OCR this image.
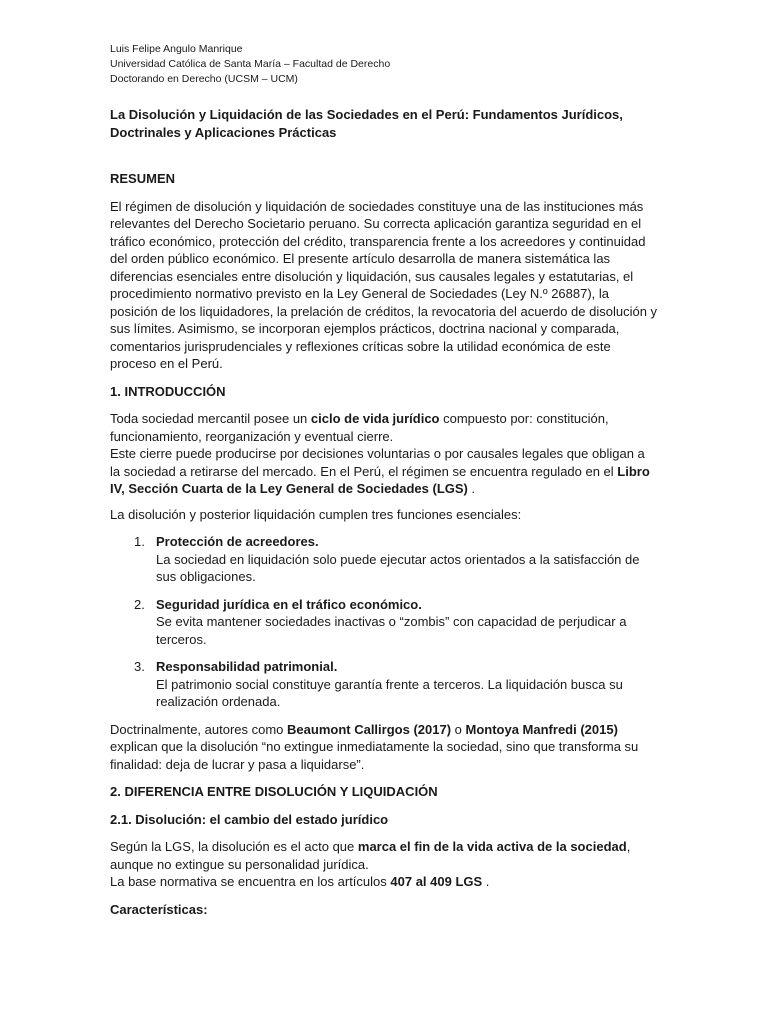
Luis Felipe Angulo Manrique
Universidad Católica de Santa María – Facultad de Derecho
Doctorando en Derecho (UCSM – UCM)
La Disolución y Liquidación de las Sociedades en el Perú: Fundamentos Jurídicos, Doctrinales y Aplicaciones Prácticas
RESUMEN

El régimen de disolución y liquidación de sociedades constituye una de las instituciones más relevantes del Derecho Societario peruano. Su correcta aplicación garantiza seguridad en el tráfico económico, protección del crédito, transparencia frente a los acreedores y continuidad del orden público económico. El presente artículo desarrolla de manera sistemática las diferencias esenciales entre disolución y liquidación, sus causales legales y estatutarias, el procedimiento normativo previsto en la Ley General de Sociedades (Ley N.º 26887), la posición de los liquidadores, la prelación de créditos, la revocatoria del acuerdo de disolución y sus límites. Asimismo, se incorporan ejemplos prácticos, doctrina nacional y comparada, comentarios jurisprudenciales y reflexiones críticas sobre la utilidad económica de este proceso en el Perú.

1. INTRODUCCIÓN

Toda sociedad mercantil posee un ciclo de vida jurídico compuesto por: constitución, funcionamiento, reorganización y eventual cierre.

Este cierre puede producirse por decisiones voluntarias o por causales legales que obligan a la sociedad a retirarse del mercado. En el Perú, el régimen se encuentra regulado en el Libro IV, Sección Cuarta de la Ley General de Sociedades (LGS) .

La disolución y posterior liquidación cumplen tres funciones esenciales:

1. Protección de acreedores.
La sociedad en liquidación solo puede ejecutar actos orientados a la satisfacción de sus obligaciones.
2. Seguridad jurídica en el tráfico económico.
Se evita mantener sociedades inactivas o “zombis” con capacidad de perjudicar a terceros.
3. Responsabilidad patrimonial.
El patrimonio social constituye garantía frente a terceros. La liquidación busca su realización ordenada.

Doctrinalmente, autores como Beaumont Callirgos (2017) o Montoya Manfredi (2015) explican que la disolución “no extingue inmediatamente la sociedad, sino que transforma su finalidad: deja de lucrar y pasa a liquidarse”.

2. DIFERENCIA ENTRE DISOLUCIÓN Y LIQUIDACIÓN
2.1. Disolución: el cambio del estado jurídico

Según la LGS, la disolución es el acto que marca el fin de la vida activa de la sociedad, aunque no extingue su personalidad jurídica.

La base normativa se encuentra en los artículos 407 al 409 LGS .

Características:
